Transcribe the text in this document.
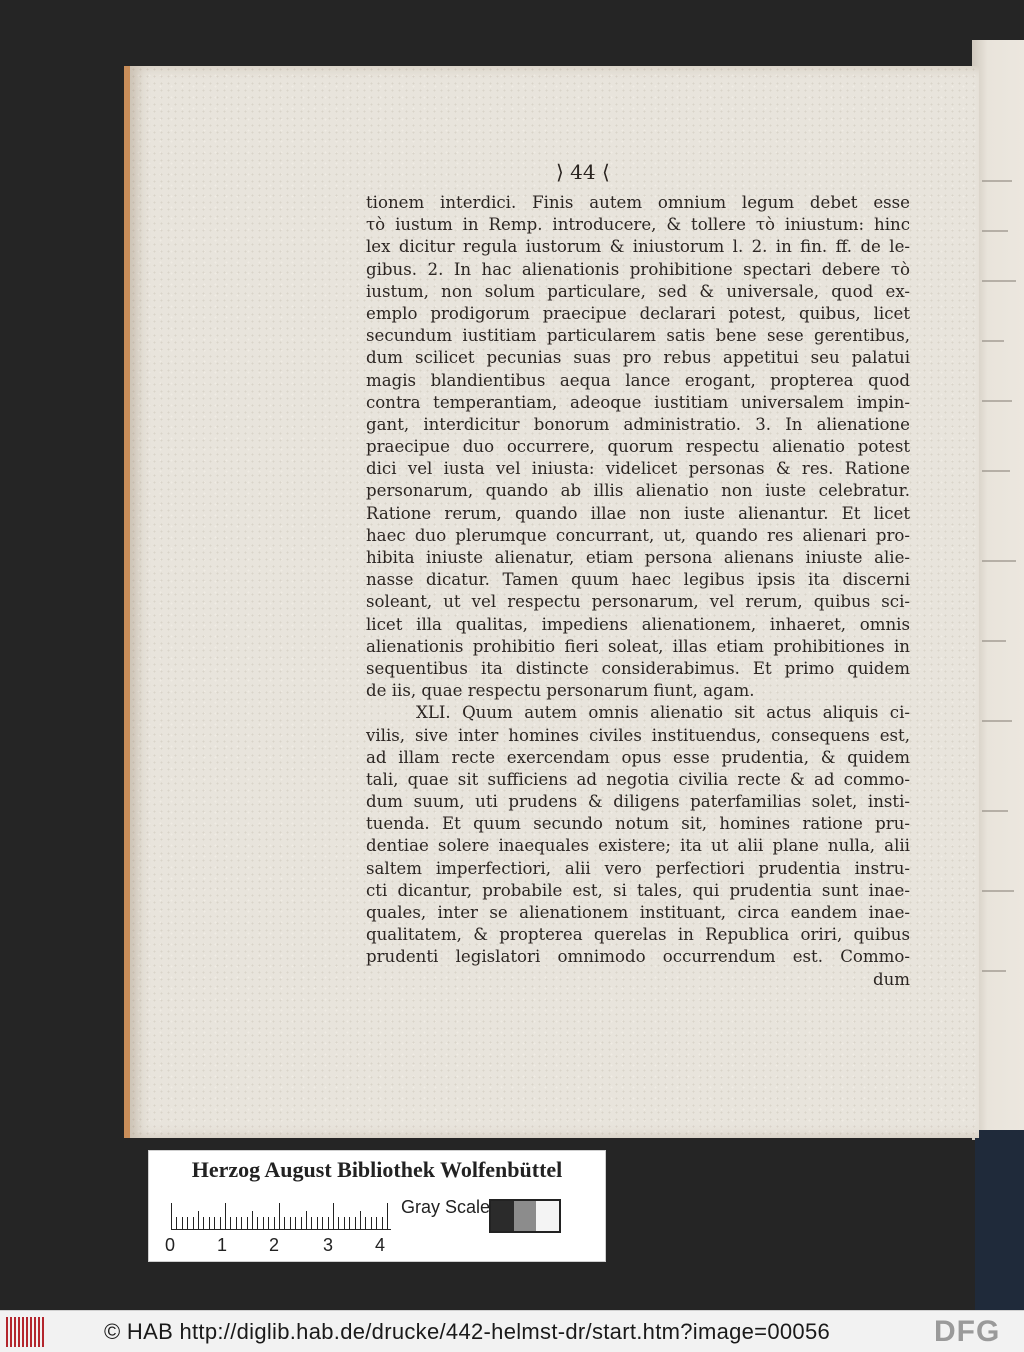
⟩ 44 ⟨
tionem interdici. Finis autem omnium legum debet esse
τὸ iustum in Remp. introducere, & tollere τὸ iniustum: hinc
lex dicitur regula iustorum & iniustorum l. 2. in fin. ff. de le-
gibus. 2. In hac alienationis prohibitione spectari debere τὸ
iustum, non solum particulare, sed & universale, quod ex-
emplo prodigorum praecipue declarari potest, quibus, licet
secundum iustitiam particularem satis bene sese gerentibus,
dum scilicet pecunias suas pro rebus appetitui seu palatui
magis blandientibus aequa lance erogant, propterea quod
contra temperantiam, adeoque iustitiam universalem impin-
gant, interdicitur bonorum administratio. 3. In alienatione
praecipue duo occurrere, quorum respectu alienatio potest
dici vel iusta vel iniusta: videlicet personas & res. Ratione
personarum, quando ab illis alienatio non iuste celebratur.
Ratione rerum, quando illae non iuste alienantur. Et licet
haec duo plerumque concurrant, ut, quando res alienari pro-
hibita iniuste alienatur, etiam persona alienans iniuste alie-
nasse dicatur. Tamen quum haec legibus ipsis ita discerni
soleant, ut vel respectu personarum, vel rerum, quibus sci-
licet illa qualitas, impediens alienationem, inhaeret, omnis
alienationis prohibitio fieri soleat, illas etiam prohibitiones in
sequentibus ita distincte considerabimus. Et primo quidem
de iis, quae respectu personarum fiunt, agam.
XLI. Quum autem omnis alienatio sit actus aliquis ci-
vilis, sive inter homines civiles instituendus, consequens est,
ad illam recte exercendam opus esse prudentia, & quidem
tali, quae sit sufficiens ad negotia civilia recte & ad commo-
dum suum, uti prudens & diligens paterfamilias solet, insti-
tuenda. Et quum secundo notum sit, homines ratione pru-
dentiae solere inaequales existere; ita ut alii plane nulla, alii
saltem imperfectiori, alii vero perfectiori prudentia instru-
cti dicantur, probabile est, si tales, qui prudentia sunt inae-
quales, inter se alienationem instituant, circa eandem inae-
qualitatem, & propterea querelas in Republica oriri, quibus
prudenti legislatori omnimodo occurrendum est. Commo-
dum
Herzog August Bibliothek Wolfenbüttel
0 1 2 3 4
Gray Scale
© HAB http://diglib.hab.de/drucke/442-helmst-dr/start.htm?image=00056	DFG
